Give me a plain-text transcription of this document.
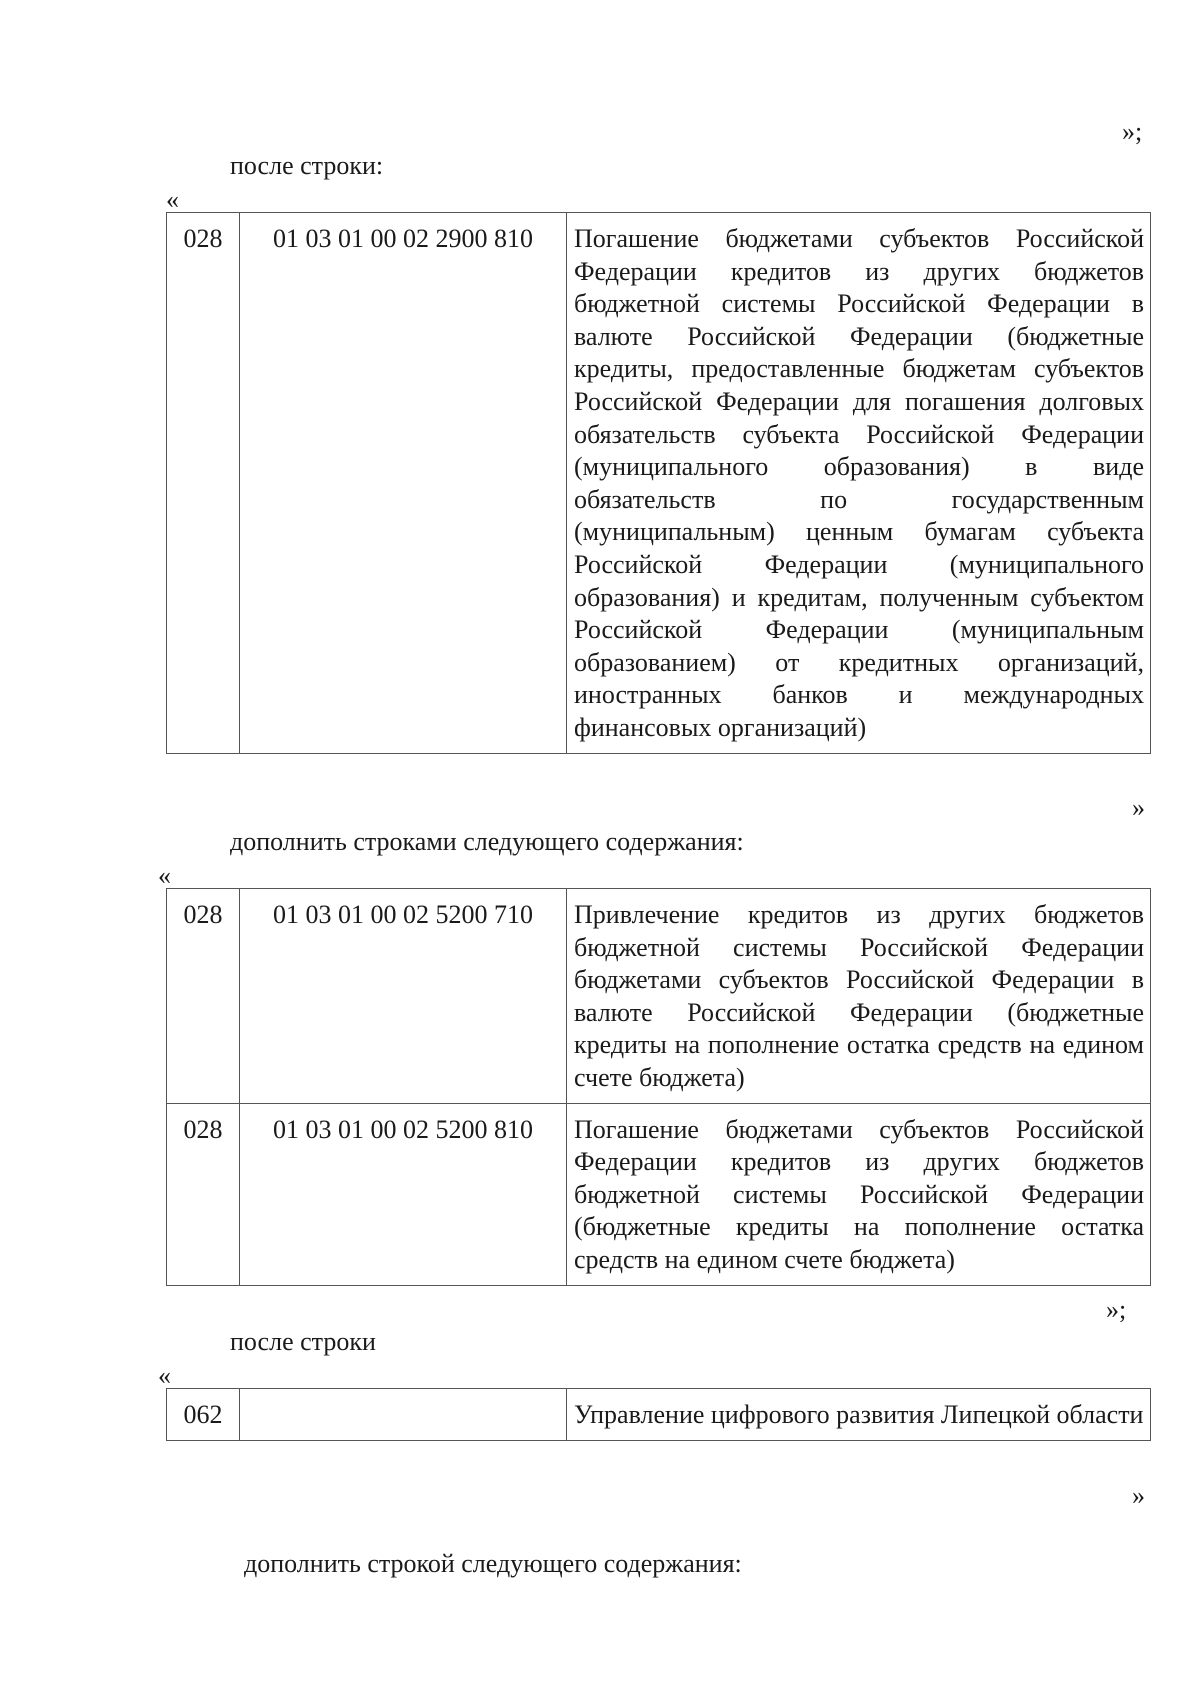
»;
после строки:
«
028	01 03 01 00 02 2900 810	Погашение бюджетами субъектов Российской Федерации кредитов из других бюджетов бюджетной системы Российской Федерации в валюте Российской Федерации (бюджетные кредиты, предоставленные бюджетам субъектов Российской Федерации для погашения долговых обязательств субъекта Российской Федерации (муниципального образования) в виде обязательств по государственным (муниципальным) ценным бумагам субъекта Российской Федерации (муниципального образования) и кредитам, полученным субъектом Российской Федерации (муниципальным образованием) от кредитных организаций, иностранных банков и международных финансовых организаций)
»
дополнить строками следующего содержания:
«
028	01 03 01 00 02 5200 710	Привлечение кредитов из других бюджетов бюджетной системы Российской Федерации бюджетами субъектов Российской Федерации в валюте Российской Федерации (бюджетные кредиты на пополнение остатка средств на едином счете бюджета)
028	01 03 01 00 02 5200 810	Погашение бюджетами субъектов Российской Федерации кредитов из других бюджетов бюджетной системы Российской Федерации (бюджетные кредиты на пополнение остатка средств на едином счете бюджета)
»;
после строки
«
062		Управление цифрового развития Липецкой области
»
дополнить строкой следующего содержания:
